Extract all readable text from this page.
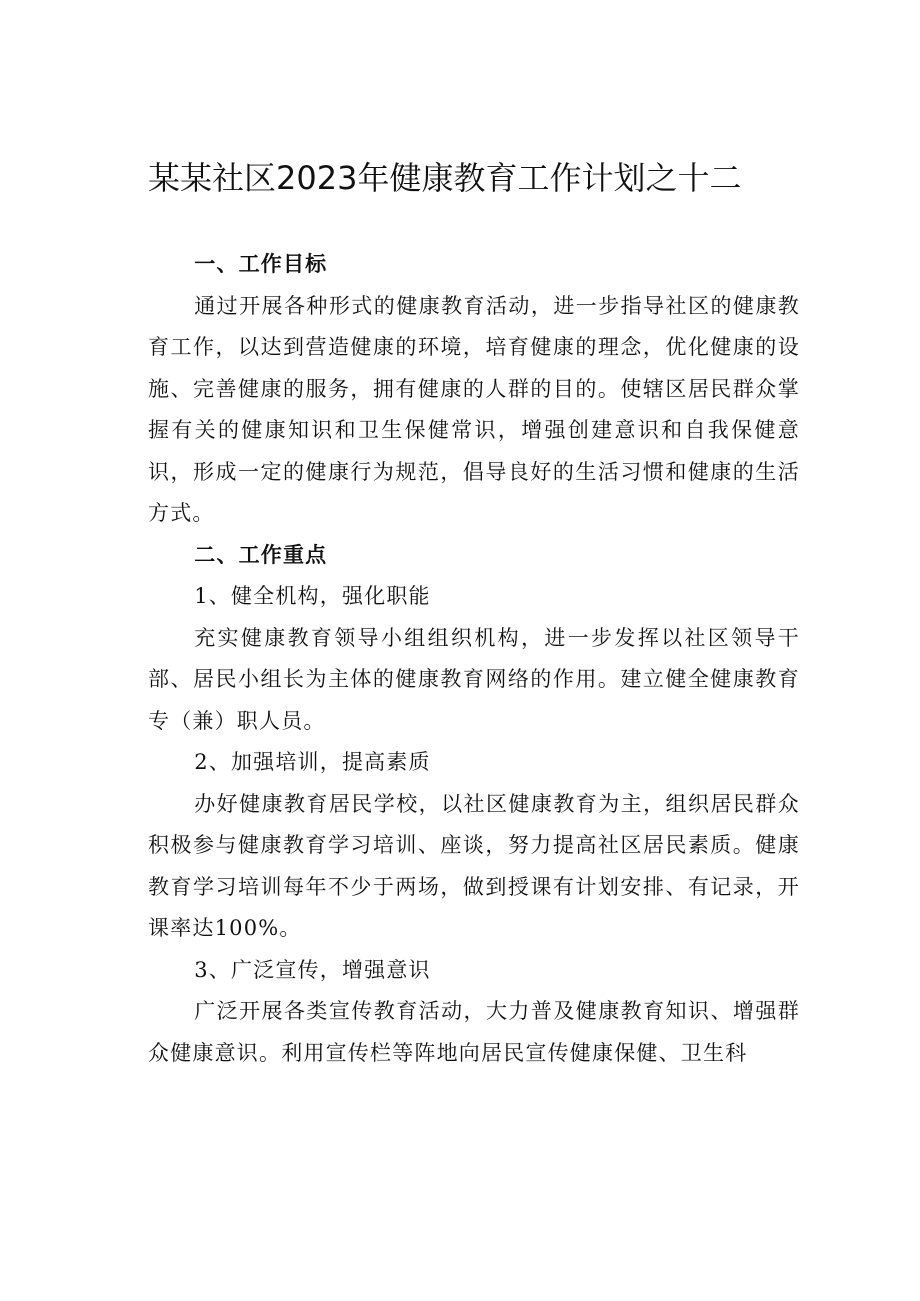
某某社区2023年健康教育工作计划之十二
一、工作目标

通过开展各种形式的健康教育活动，进一步指导社区的健康教育工作，以达到营造健康的环境，培育健康的理念，优化健康的设施、完善健康的服务，拥有健康的人群的目的。使辖区居民群众掌握有关的健康知识和卫生保健常识，增强创建意识和自我保健意识，形成一定的健康行为规范，倡导良好的生活习惯和健康的生活方式。

二、工作重点

1、健全机构，强化职能

充实健康教育领导小组组织机构，进一步发挥以社区领导干部、居民小组长为主体的健康教育网络的作用。建立健全健康教育专（兼）职人员。

2、加强培训，提高素质

办好健康教育居民学校，以社区健康教育为主，组织居民群众积极参与健康教育学习培训、座谈，努力提高社区居民素质。健康教育学习培训每年不少于两场，做到授课有计划安排、有记录，开课率达100%。

3、广泛宣传，增强意识

广泛开展各类宣传教育活动，大力普及健康教育知识、增强群众健康意识。利用宣传栏等阵地向居民宣传健康保健、卫生科
